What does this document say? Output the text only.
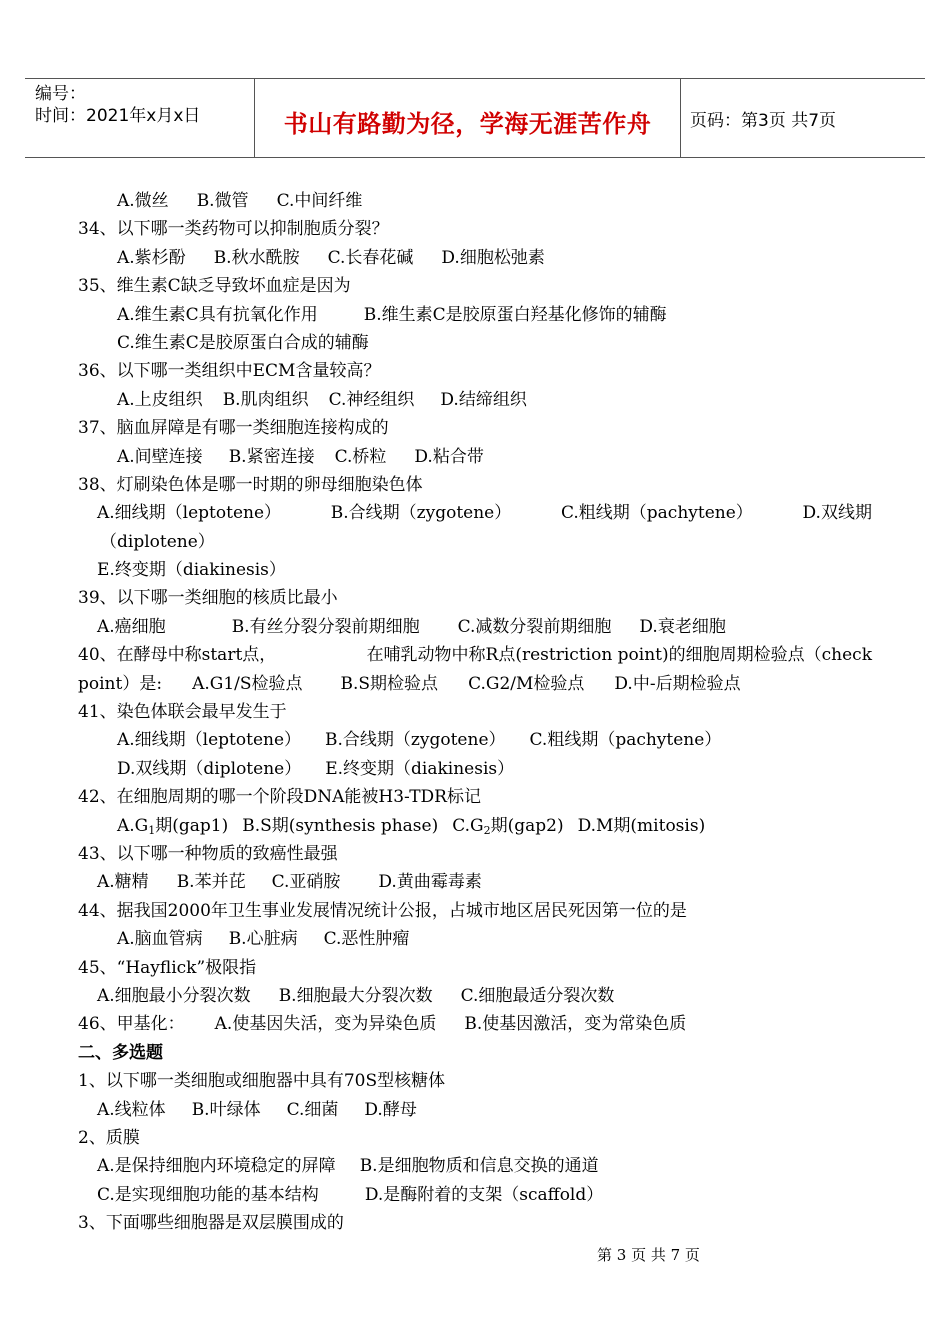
编号：
时间：2021年x月x日	书山有路勤为径，学海无涯苦作舟	页码：第3页 共7页
A.微丝 B.微管 C.中间纤维
34、以下哪一类药物可以抑制胞质分裂？
A.紫杉酚 B.秋水酰胺 C.长春花碱 D.细胞松弛素
35、维生素C缺乏导致坏血症是因为
A.维生素C具有抗氧化作用	B.维生素C是胶原蛋白羟基化修饰的辅酶
C.维生素C是胶原蛋白合成的辅酶
36、以下哪一类组织中ECM含量较高？
A.上皮组织 B.肌肉组织 C.神经组织 D.结缔组织
37、脑血屏障是有哪一类细胞连接构成的
A.间壁连接 B.紧密连接 C.桥粒 D.粘合带
38、灯刷染色体是哪一时期的卵母细胞染色体
A.细线期（leptotene）	B.合线期（zygotene）	C.粗线期（pachytene）	D.双线期
（diplotene）
E.终变期（diakinesis）
39、以下哪一类细胞的核质比最小
A.癌细胞	B.有丝分裂分裂前期细胞 C.减数分裂前期细胞 D.衰老细胞
40、在酵母中称start点，	在哺乳动物中称R点(restriction point)的细胞周期检验点（check
point）是: A.G1/S检验点 B.S期检验点 C.G2/M检验点 D.中-后期检验点
41、染色体联会最早发生于
A.细线期（leptotene） B.合线期（zygotene） C.粗线期（pachytene）
D.双线期（diplotene） E.终变期（diakinesis）
42、在细胞周期的哪一个阶段DNA能被H3-TDR标记
$A.G_1$期(gap1) B.S期(synthesis phase) $C.G_2$期(gap2) D.M期(mitosis)
43、以下哪一种物质的致癌性最强
A.糖精 B.苯并芘 C.亚硝胺 D.黄曲霉毒素
44、据我国2000年卫生事业发展情况统计公报，占城市地区居民死因第一位的是
A.脑血管病 B.心脏病 C.恶性肿瘤
45、“Hayflick”极限指
A.细胞最小分裂次数 B.细胞最大分裂次数 C.细胞最适分裂次数
46、甲基化： A.使基因失活，变为异染色质 B.使基因激活，变为常染色质
二、多选题
1、以下哪一类细胞或细胞器中具有70S型核糖体
A.线粒体 B.叶绿体 C.细菌 D.酵母
2、质膜
A.是保持细胞内环境稳定的屏障 B.是细胞物质和信息交换的通道
C.是实现细胞功能的基本结构	D.是酶附着的支架（scaffold）
3、下面哪些细胞器是双层膜围成的
第 3 页 共 7 页
